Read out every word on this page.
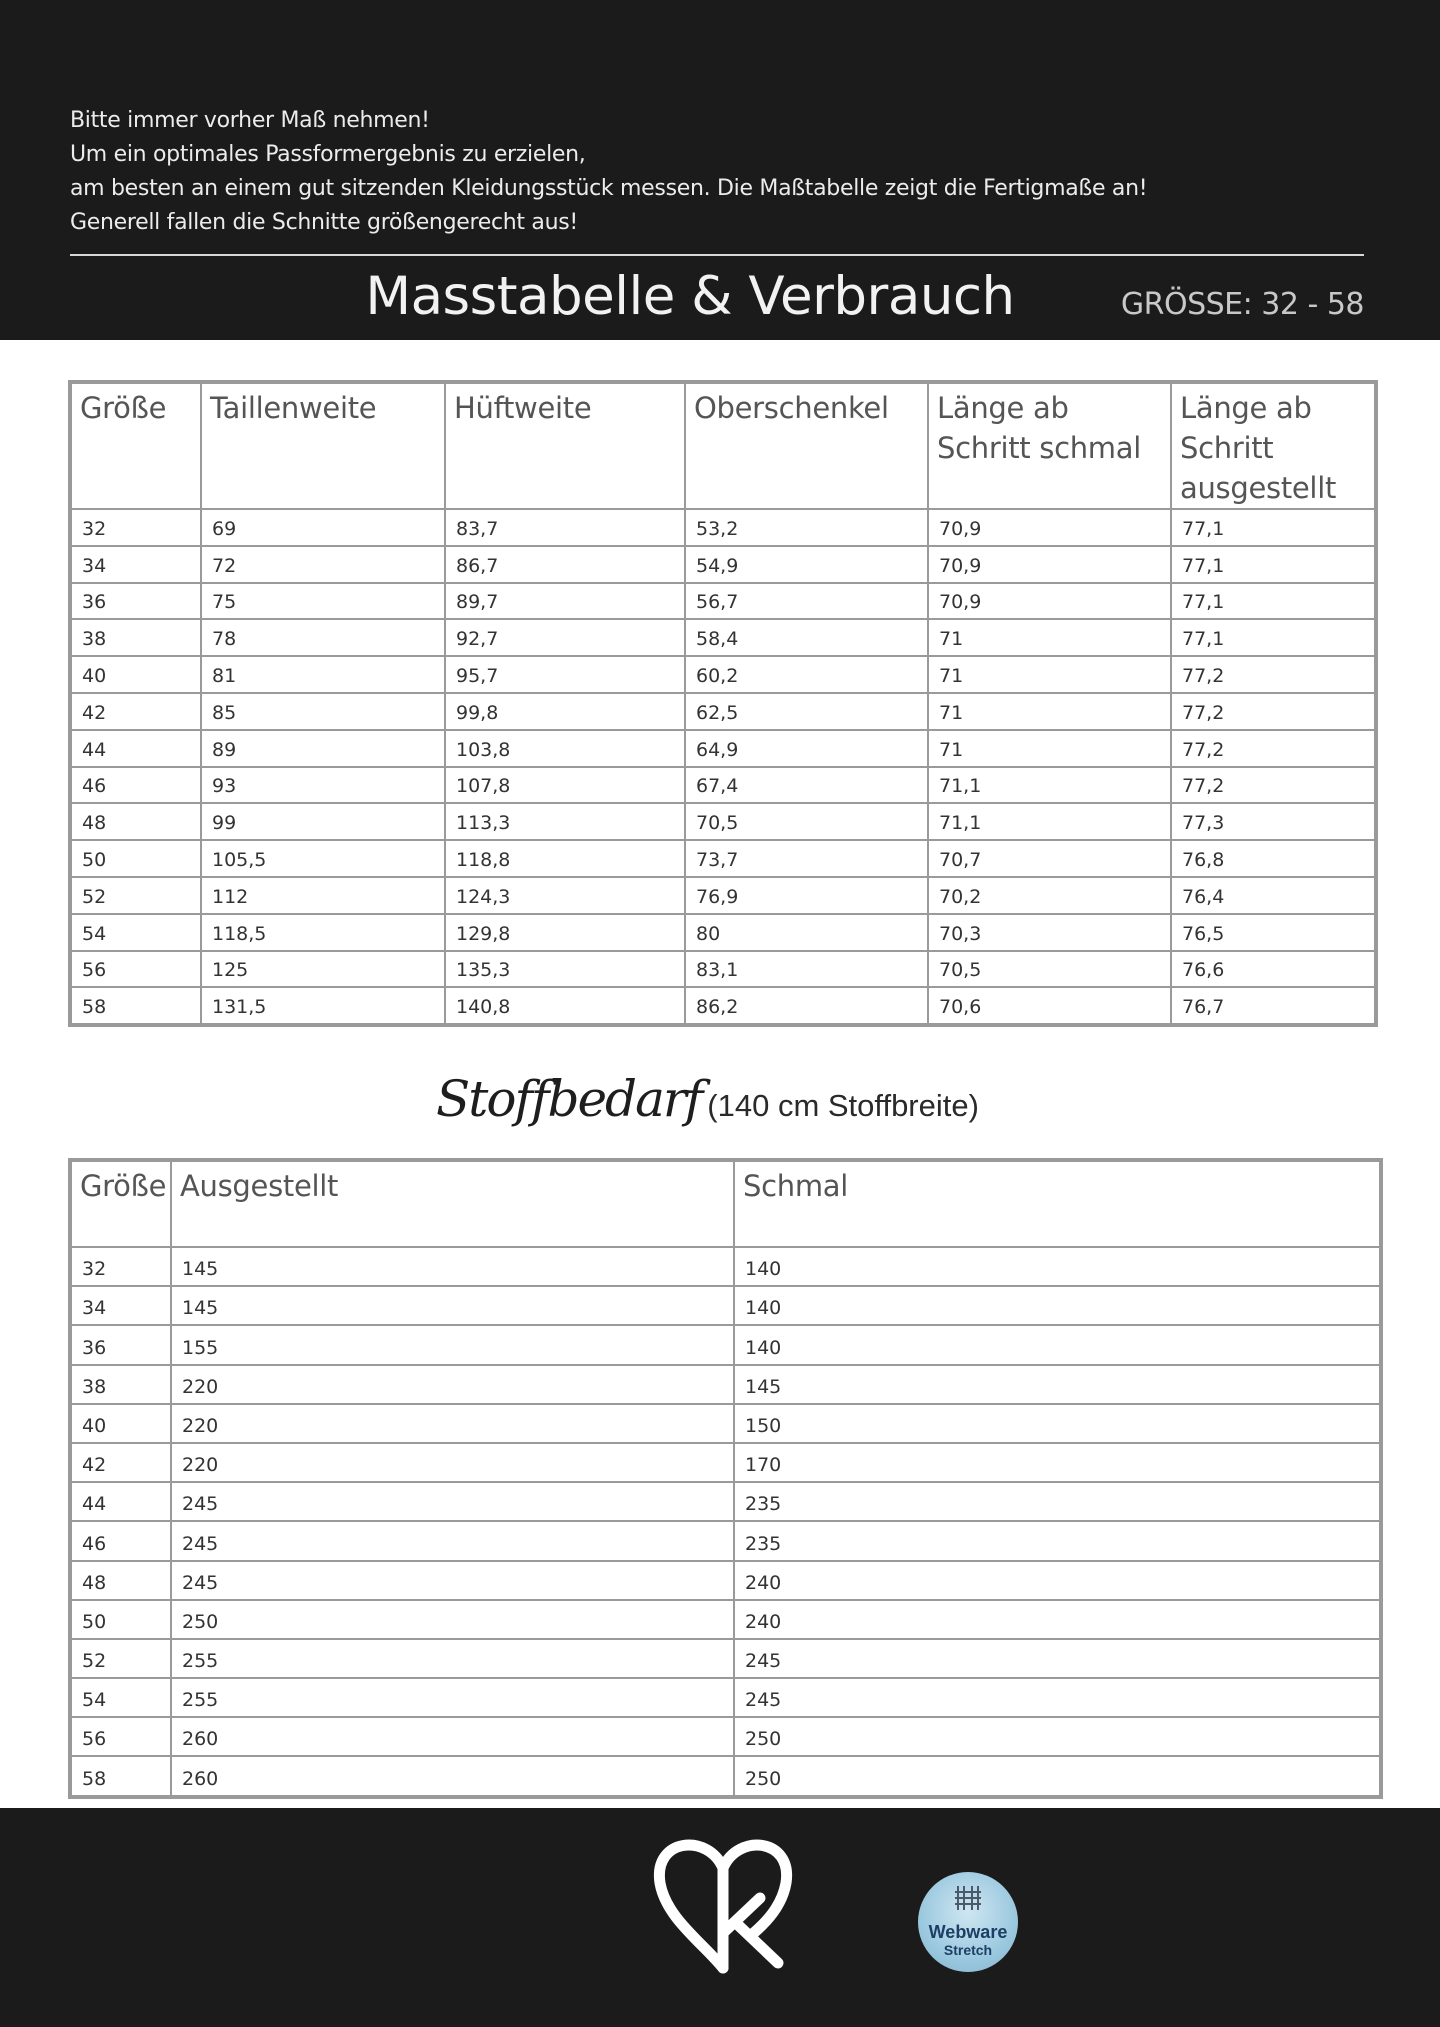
Bitte immer vorher Maß nehmen!
Um ein optimales Passformergebnis zu erzielen,
am besten an einem gut sitzenden Kleidungsstück messen. Die Maßtabelle zeigt die Fertigmaße an!
Generell fallen die Schnitte größengerecht aus!
Masstabelle & Verbrauch	GRÖSSE: 32 - 58
Größe	Taillenweite	Hüftweite	Oberschenkel	Länge ab Schritt schmal	Länge ab Schritt ausgestellt
32	69	83,7	53,2	70,9	77,1
34	72	86,7	54,9	70,9	77,1
36	75	89,7	56,7	70,9	77,1
38	78	92,7	58,4	71	77,1
40	81	95,7	60,2	71	77,2
42	85	99,8	62,5	71	77,2
44	89	103,8	64,9	71	77,2
46	93	107,8	67,4	71,1	77,2
48	99	113,3	70,5	71,1	77,3
50	105,5	118,8	73,7	70,7	76,8
52	112	124,3	76,9	70,2	76,4
54	118,5	129,8	80	70,3	76,5
56	125	135,3	83,1	70,5	76,6
58	131,5	140,8	86,2	70,6	76,7
Stoffbedarf (140 cm Stoffbreite)
Größe	Ausgestellt	Schmal
32	145	140
34	145	140
36	155	140
38	220	145
40	220	150
42	220	170
44	245	235
46	245	235
48	245	240
50	250	240
52	255	245
54	255	245
56	260	250
58	260	250
Webware
Stretch
